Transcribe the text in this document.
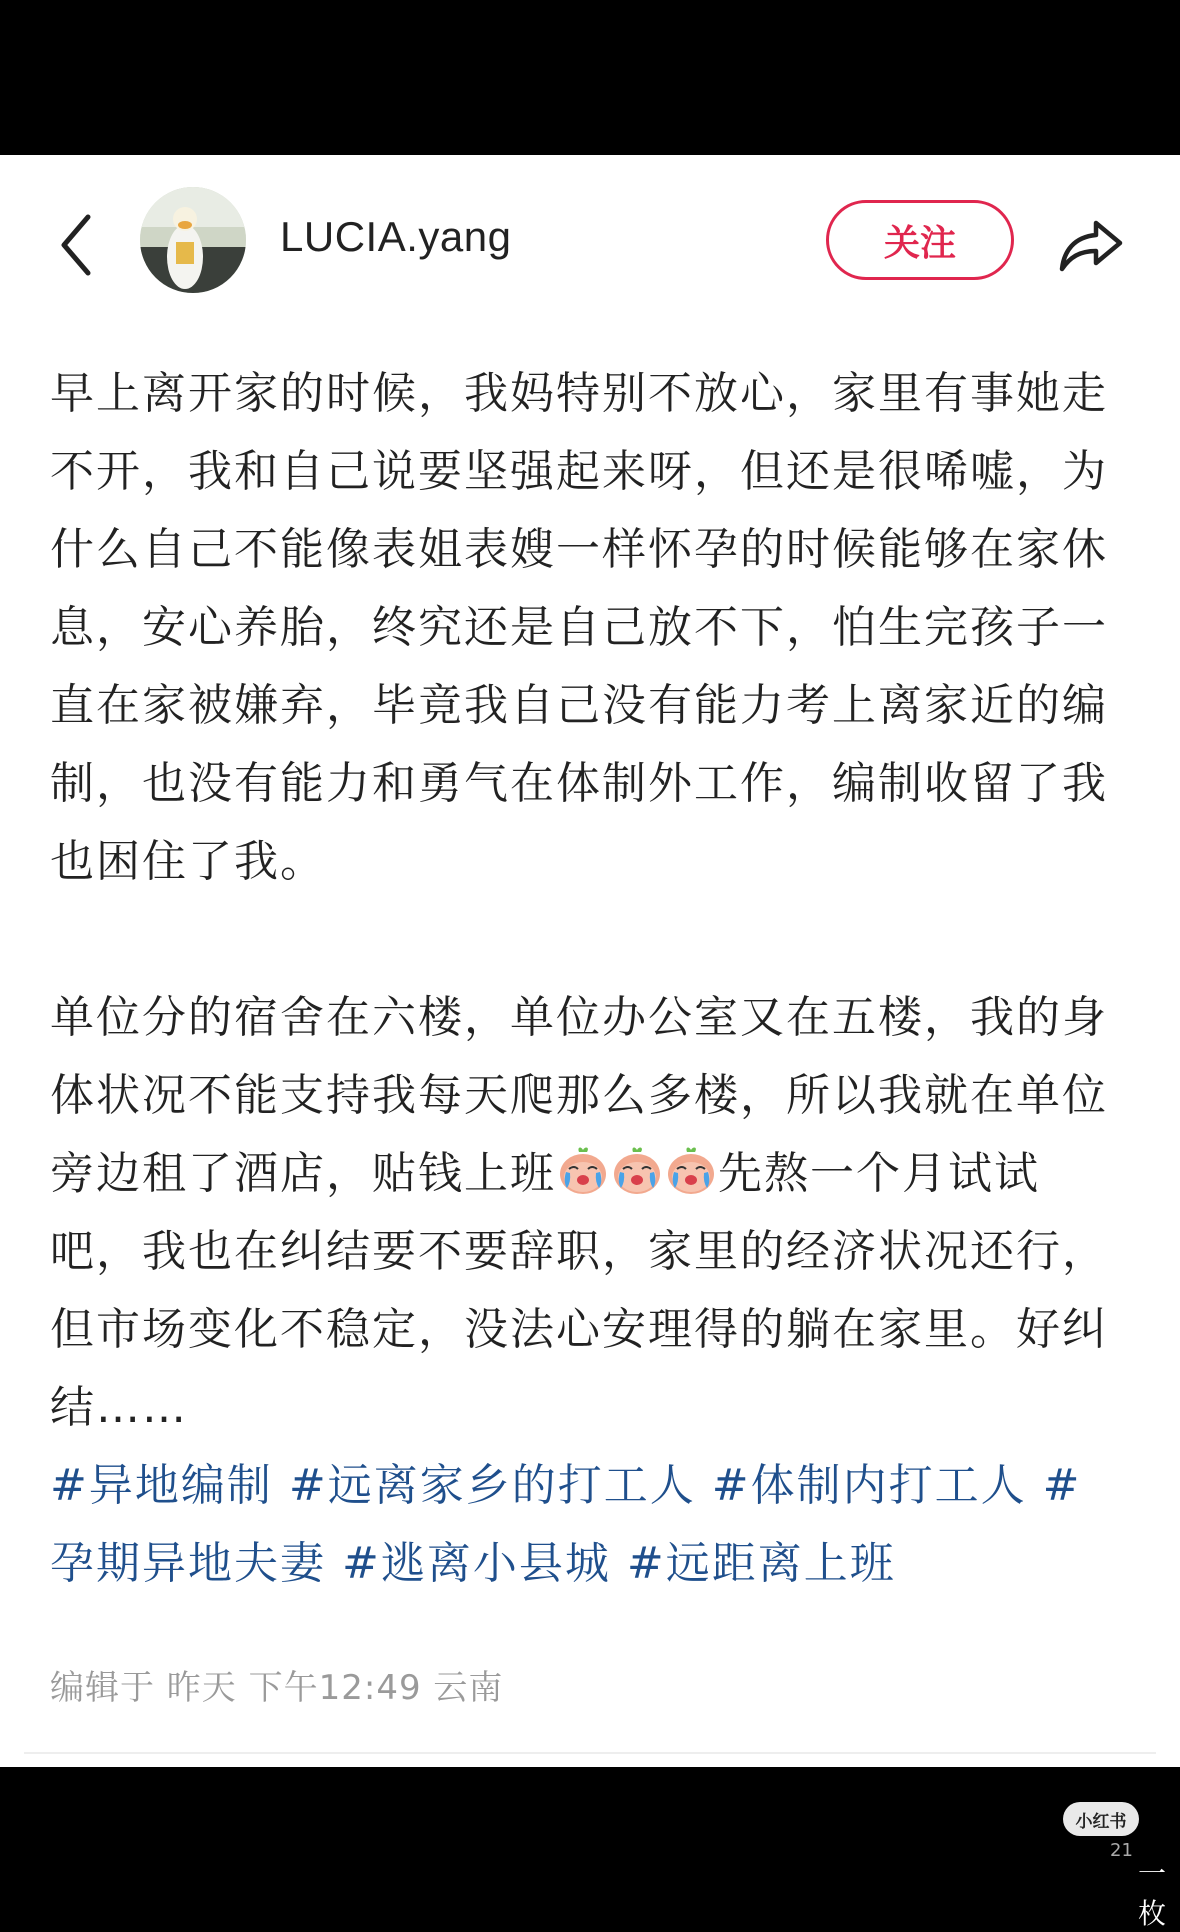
LUCIA.yang	关注

早上离开家的时候，我妈特别不放心，家里有事她走不开，我和自己说要坚强起来呀，但还是很唏嘘，为什么自己不能像表姐表嫂一样怀孕的时候能够在家休息，安心养胎，终究还是自己放不下，怕生完孩子一直在家被嫌弃，毕竟我自己没有能力考上离家近的编制，也没有能力和勇气在体制外工作，编制收留了我也困住了我。

单位分的宿舍在六楼，单位办公室又在五楼，我的身体状况不能支持我每天爬那么多楼，所以我就在单位旁边租了酒店，贴钱上班	先熬一个月试试吧，我也在纠结要不要辞职，家里的经济状况还行，但市场变化不稳定，没法心安理得的躺在家里。好纠结……

#异地编制 #远离家乡的打工人 #体制内打工人 #孕期异地夫妻 #逃离小县城 #远距离上班

编辑于 昨天 下午12:49 云南
小红书
21
一枚
